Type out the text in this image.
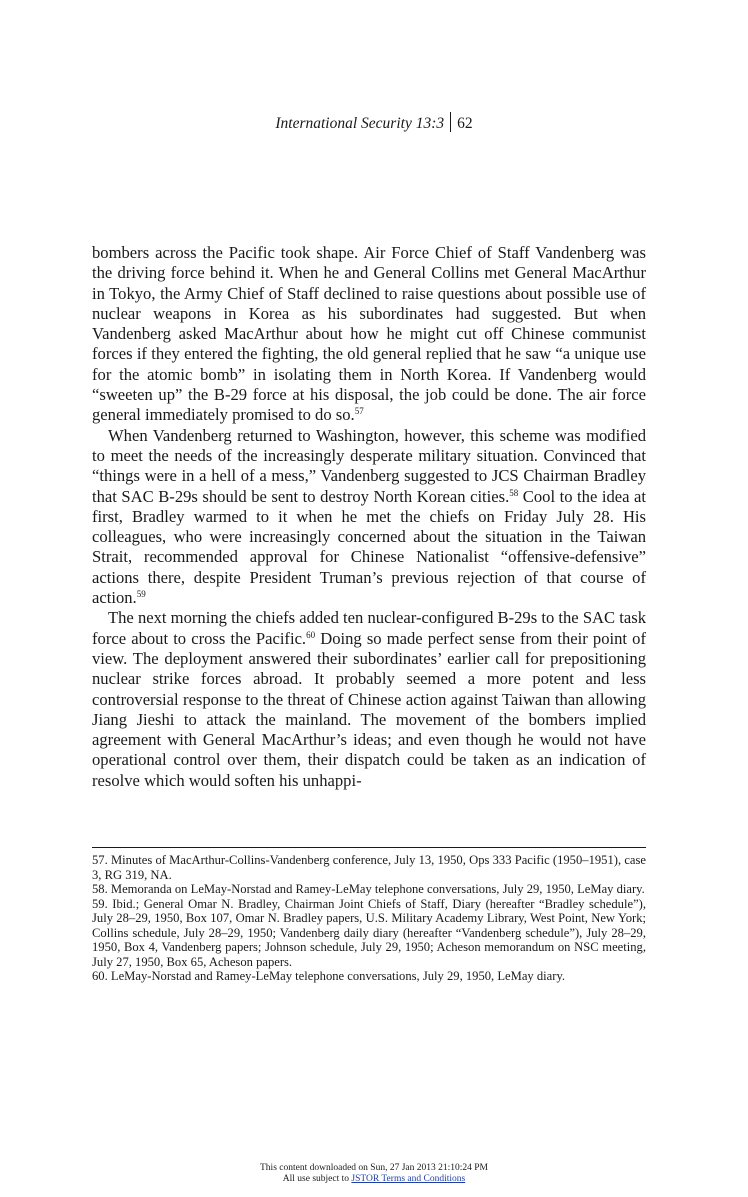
International Security 13:3 62

bombers across the Pacific took shape. Air Force Chief of Staff Vandenberg was the driving force behind it. When he and General Collins met General MacArthur in Tokyo, the Army Chief of Staff declined to raise questions about possible use of nuclear weapons in Korea as his subordinates had suggested. But when Vandenberg asked MacArthur about how he might cut off Chinese communist forces if they entered the fighting, the old general replied that he saw “a unique use for the atomic bomb” in isolating them in North Korea. If Vandenberg would “sweeten up” the B-29 force at his disposal, the job could be done. The air force general immediately promised to do so.$^{57}$

When Vandenberg returned to Washington, however, this scheme was modified to meet the needs of the increasingly desperate military situation. Convinced that “things were in a hell of a mess,” Vandenberg suggested to JCS Chairman Bradley that SAC B-29s should be sent to destroy North Korean cities.$^{58}$ Cool to the idea at first, Bradley warmed to it when he met the chiefs on Friday July 28. His colleagues, who were increasingly concerned about the situation in the Taiwan Strait, recommended approval for Chinese Nationalist “offensive-defensive” actions there, despite President Truman’s previous rejection of that course of action.$^{59}$

The next morning the chiefs added ten nuclear-configured B-29s to the SAC task force about to cross the Pacific.$^{60}$ Doing so made perfect sense from their point of view. The deployment answered their subordinates’ earlier call for prepositioning nuclear strike forces abroad. It probably seemed a more potent and less controversial response to the threat of Chinese action against Taiwan than allowing Jiang Jieshi to attack the mainland. The movement of the bombers implied agreement with General MacArthur’s ideas; and even though he would not have operational control over them, their dispatch could be taken as an indication of resolve which would soften his unhappi-

57. Minutes of MacArthur-Collins-Vandenberg conference, July 13, 1950, Ops 333 Pacific (1950–1951), case 3, RG 319, NA.

58. Memoranda on LeMay-Norstad and Ramey-LeMay telephone conversations, July 29, 1950, LeMay diary.

59. Ibid.; General Omar N. Bradley, Chairman Joint Chiefs of Staff, Diary (hereafter “Bradley schedule”), July 28–29, 1950, Box 107, Omar N. Bradley papers, U.S. Military Academy Library, West Point, New York; Collins schedule, July 28–29, 1950; Vandenberg daily diary (hereafter “Vandenberg schedule”), July 28–29, 1950, Box 4, Vandenberg papers; Johnson schedule, July 29, 1950; Acheson memorandum on NSC meeting, July 27, 1950, Box 65, Acheson papers.

60. LeMay-Norstad and Ramey-LeMay telephone conversations, July 29, 1950, LeMay diary.

This content downloaded on Sun, 27 Jan 2013 21:10:24 PM
All use subject to JSTOR Terms and Conditions
